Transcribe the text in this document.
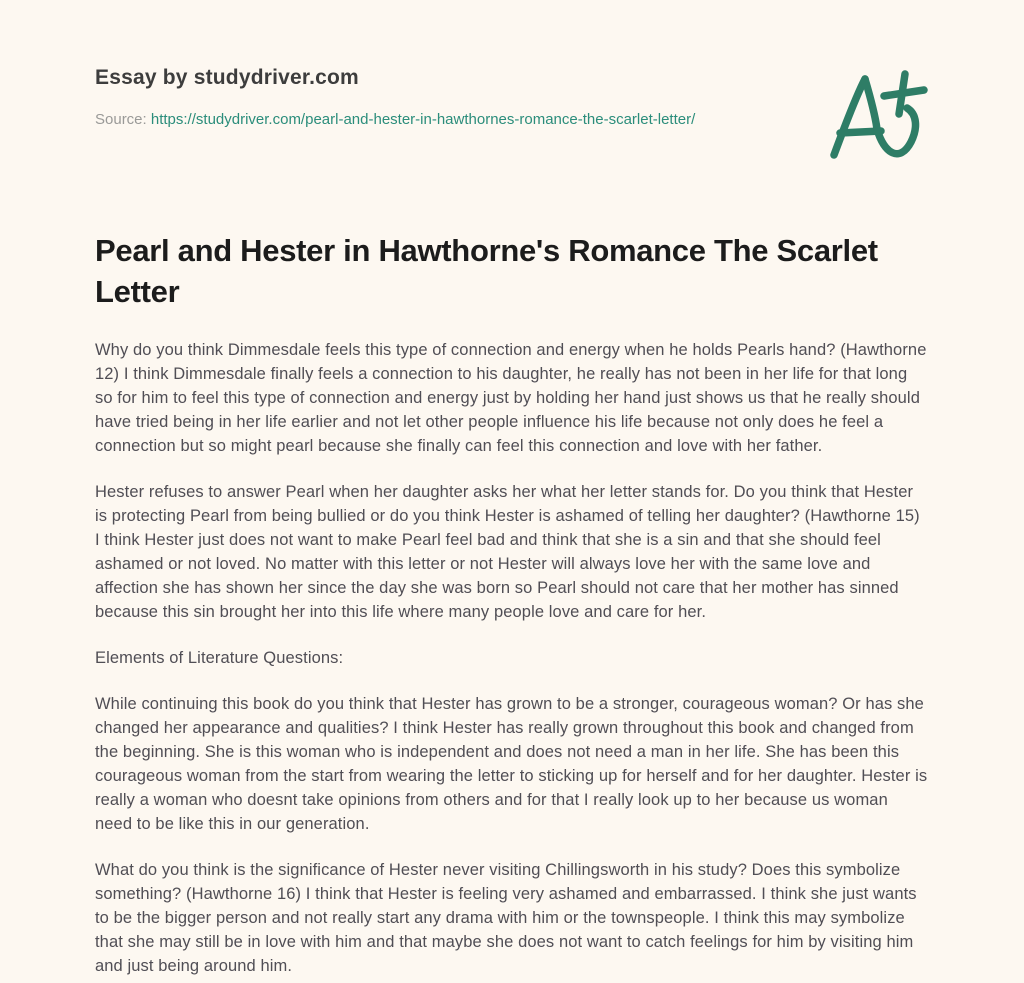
Essay by studydriver.com

Source: https://studydriver.com/pearl-and-hester-in-hawthornes-romance-the-scarlet-letter/

Pearl and Hester in Hawthorne's Romance The Scarlet Letter

Why do you think Dimmesdale feels this type of connection and energy when he holds Pearls hand? (Hawthorne 12) I think Dimmesdale finally feels a connection to his daughter, he really has not been in her life for that long so for him to feel this type of connection and energy just by holding her hand just shows us that he really should have tried being in her life earlier and not let other people influence his life because not only does he feel a connection but so might pearl because she finally can feel this connection and love with her father.

Hester refuses to answer Pearl when her daughter asks her what her letter stands for. Do you think that Hester is protecting Pearl from being bullied or do you think Hester is ashamed of telling her daughter? (Hawthorne 15) I think Hester just does not want to make Pearl feel bad and think that she is a sin and that she should feel ashamed or not loved. No matter with this letter or not Hester will always love her with the same love and affection she has shown her since the day she was born so Pearl should not care that her mother has sinned because this sin brought her into this life where many people love and care for her.

Elements of Literature Questions:

While continuing this book do you think that Hester has grown to be a stronger, courageous woman? Or has she changed her appearance and qualities? I think Hester has really grown throughout this book and changed from the beginning. She is this woman who is independent and does not need a man in her life. She has been this courageous woman from the start from wearing the letter to sticking up for herself and for her daughter. Hester is really a woman who doesnt take opinions from others and for that I really look up to her because us woman need to be like this in our generation.

What do you think is the significance of Hester never visiting Chillingsworth in his study? Does this symbolize something? (Hawthorne 16) I think that Hester is feeling very ashamed and embarrassed. I think she just wants to be the bigger person and not really start any drama with him or the townspeople. I think this may symbolize that she may still be in love with him and that maybe she does not want to catch feelings for him by visiting him and just being around him.
